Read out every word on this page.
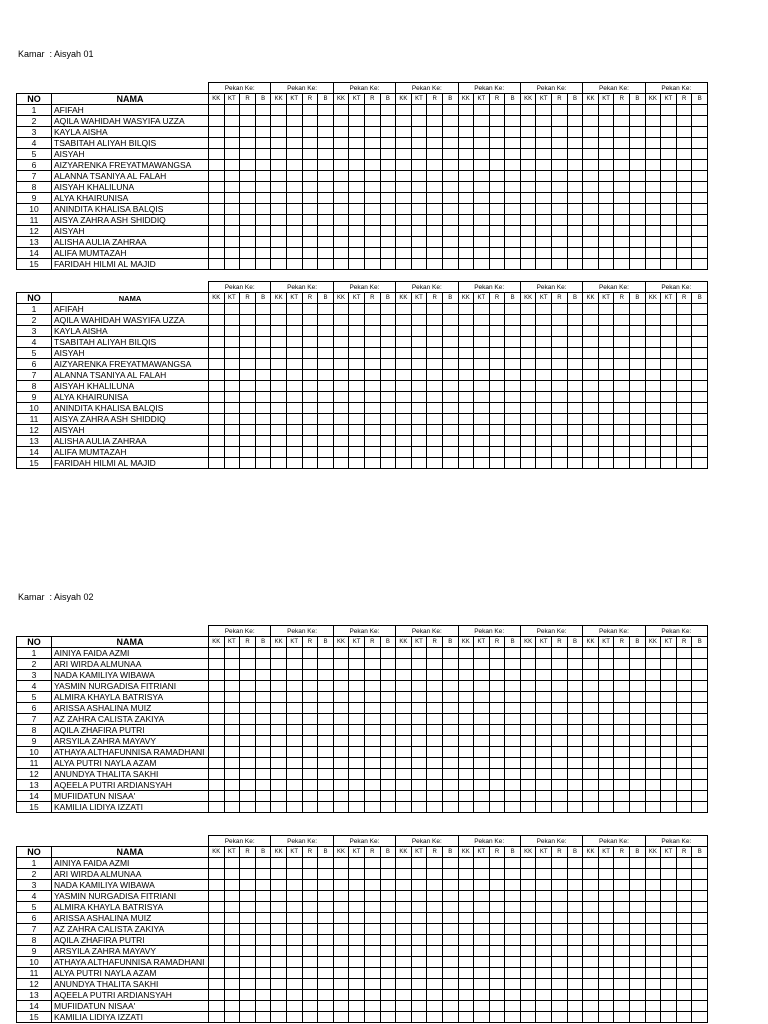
Kamar  : Aisyah 01
		Pekan Ke:				Pekan Ke:				Pekan Ke:				Pekan Ke:				Pekan Ke:				Pekan Ke:				Pekan Ke:				Pekan Ke:			
NO	NAMA	KK	KT	R	B	KK	KT	R	B	KK	KT	R	B	KK	KT	R	B	KK	KT	R	B	KK	KT	R	B	KK	KT	R	B	KK	KT	R	B
1	AFIFAH																																
2	AQILA WAHIDAH WASYIFA UZZA																																
3	KAYLA AISHA																																
4	TSABITAH ALIYAH BILQIS																																
5	AISYAH																																
6	AIZYARENKA FREYATMAWANGSA																																
7	ALANNA TSANIYA AL FALAH																																
8	AISYAH KHALILUNA																																
9	ALYA KHAIRUNISA																																
10	ANINDITA KHALISA BALQIS																																
11	AISYA ZAHRA ASH SHIDDIQ																																
12	AISYAH																																
13	ALISHA AULIA ZAHRAA																																
14	ALIFA MUMTAZAH																																
15	FARIDAH HILMI AL MAJID																																
		Pekan Ke:				Pekan Ke:				Pekan Ke:				Pekan Ke:				Pekan Ke:				Pekan Ke:				Pekan Ke:				Pekan Ke:			
NO	NAMA	KK	KT	R	B	KK	KT	R	B	KK	KT	R	B	KK	KT	R	B	KK	KT	R	B	KK	KT	R	B	KK	KT	R	B	KK	KT	R	B
1	AFIFAH																																
2	AQILA WAHIDAH WASYIFA UZZA																																
3	KAYLA AISHA																																
4	TSABITAH ALIYAH BILQIS																																
5	AISYAH																																
6	AIZYARENKA FREYATMAWANGSA																																
7	ALANNA TSANIYA AL FALAH																																
8	AISYAH KHALILUNA																																
9	ALYA KHAIRUNISA																																
10	ANINDITA KHALISA BALQIS																																
11	AISYA ZAHRA ASH SHIDDIQ																																
12	AISYAH																																
13	ALISHA AULIA ZAHRAA																																
14	ALIFA MUMTAZAH																																
15	FARIDAH HILMI AL MAJID																																
Kamar  : Aisyah 02
		Pekan Ke:				Pekan Ke:				Pekan Ke:				Pekan Ke:				Pekan Ke:				Pekan Ke:				Pekan Ke:				Pekan Ke:			
NO	NAMA	KK	KT	R	B	KK	KT	R	B	KK	KT	R	B	KK	KT	R	B	KK	KT	R	B	KK	KT	R	B	KK	KT	R	B	KK	KT	R	B
1	AINIYA FAIDA AZMI																																
2	ARI WIRDA ALMUNAA																																
3	NADA KAMILIYA WIBAWA																																
4	YASMIN NURGADISA FITRIANI																																
5	ALMIRA KHAYLA BATRISYA																																
6	ARISSA ASHALINA MUIZ																																
7	AZ ZAHRA CALISTA ZAKIYA																																
8	AQILA ZHAFIRA PUTRI																																
9	ARSYILA ZAHRA MAYAVY																																
10	ATHAYA ALTHAFUNNISA RAMADHANI																																
11	ALYA PUTRI NAYLA AZAM																																
12	ANUNDYA THALITA SAKHI																																
13	AQEELA PUTRI ARDIANSYAH																																
14	MUFIIDATUN NISAA'																																
15	KAMILIA LIDIYA IZZATI																																
		Pekan Ke:				Pekan Ke:				Pekan Ke:				Pekan Ke:				Pekan Ke:				Pekan Ke:				Pekan Ke:				Pekan Ke:			
NO	NAMA	KK	KT	R	B	KK	KT	R	B	KK	KT	R	B	KK	KT	R	B	KK	KT	R	B	KK	KT	R	B	KK	KT	R	B	KK	KT	R	B
1	AINIYA FAIDA AZMI																																
2	ARI WIRDA ALMUNAA																																
3	NADA KAMILIYA WIBAWA																																
4	YASMIN NURGADISA FITRIANI																																
5	ALMIRA KHAYLA BATRISYA																																
6	ARISSA ASHALINA MUIZ																																
7	AZ ZAHRA CALISTA ZAKIYA																																
8	AQILA ZHAFIRA PUTRI																																
9	ARSYILA ZAHRA MAYAVY																																
10	ATHAYA ALTHAFUNNISA RAMADHANI																																
11	ALYA PUTRI NAYLA AZAM																																
12	ANUNDYA THALITA SAKHI																																
13	AQEELA PUTRI ARDIANSYAH																																
14	MUFIIDATUN NISAA'																																
15	KAMILIA LIDIYA IZZATI																																
